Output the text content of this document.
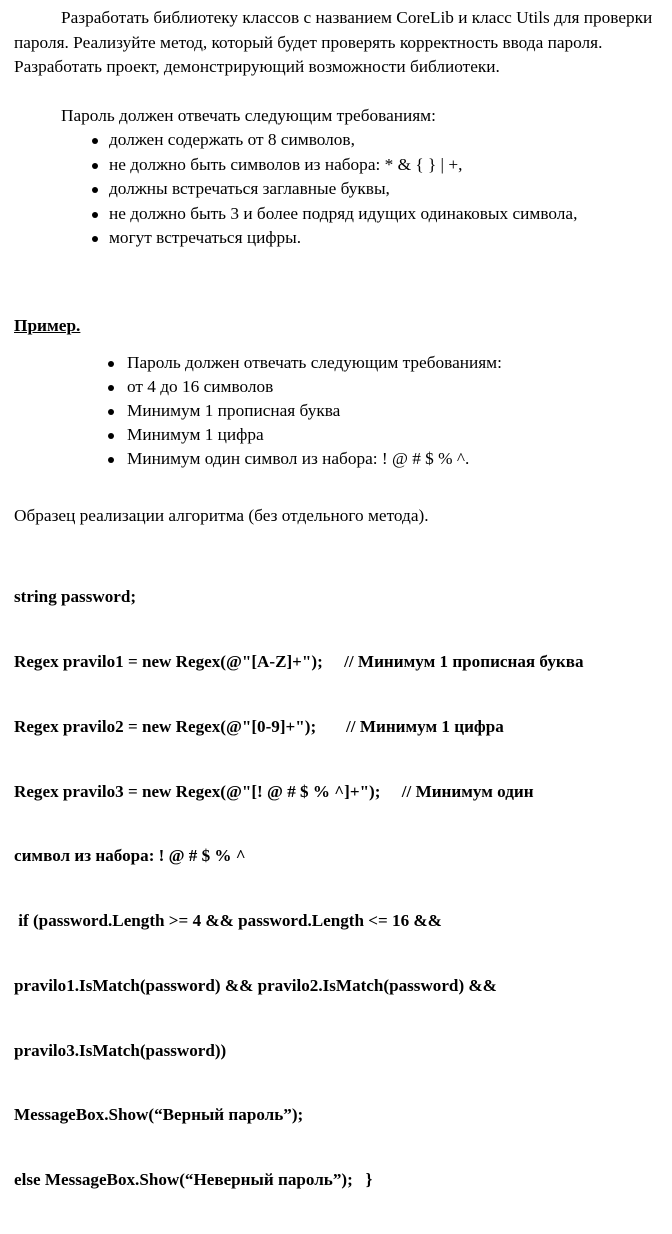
Разработать библиотеку классов с названием CoreLib и класс Utils для проверки пароля. Реализуйте метод, который будет проверять корректность ввода пароля. Разработать проект, демонстрирующий возможности библиотеки.

Пароль должен отвечать следующим требованиям:
должен содержать от 8 символов,
не должно быть символов из набора: * & { } | +,
должны встречаться заглавные буквы,
не должно быть 3 и более подряд идущих одинаковых символа,
могут встречаться цифры.
Пример.
Пароль должен отвечать следующим требованиям:
от 4 до 16 символов
Минимум 1 прописная буква
Минимум 1 цифра
Минимум один символ из набора: ! @ # $ % ^.
Образец реализации алгоритма (без отдельного метода).

string password;

Regex pravilo1 = new Regex(@"[A-Z]+");     // Минимум 1 прописная буква

Regex pravilo2 = new Regex(@"[0-9]+");       // Минимум 1 цифра

Regex pravilo3 = new Regex(@"[! @ # $ % ^]+");     // Минимум один

символ из набора: ! @ # $ % ^

if (password.Length >= 4 && password.Length <= 16 &&

pravilo1.IsMatch(password) && pravilo2.IsMatch(password) &&

pravilo3.IsMatch(password))

MessageBox.Show(“Верный пароль”);

else MessageBox.Show(“Неверный пароль”);   }
